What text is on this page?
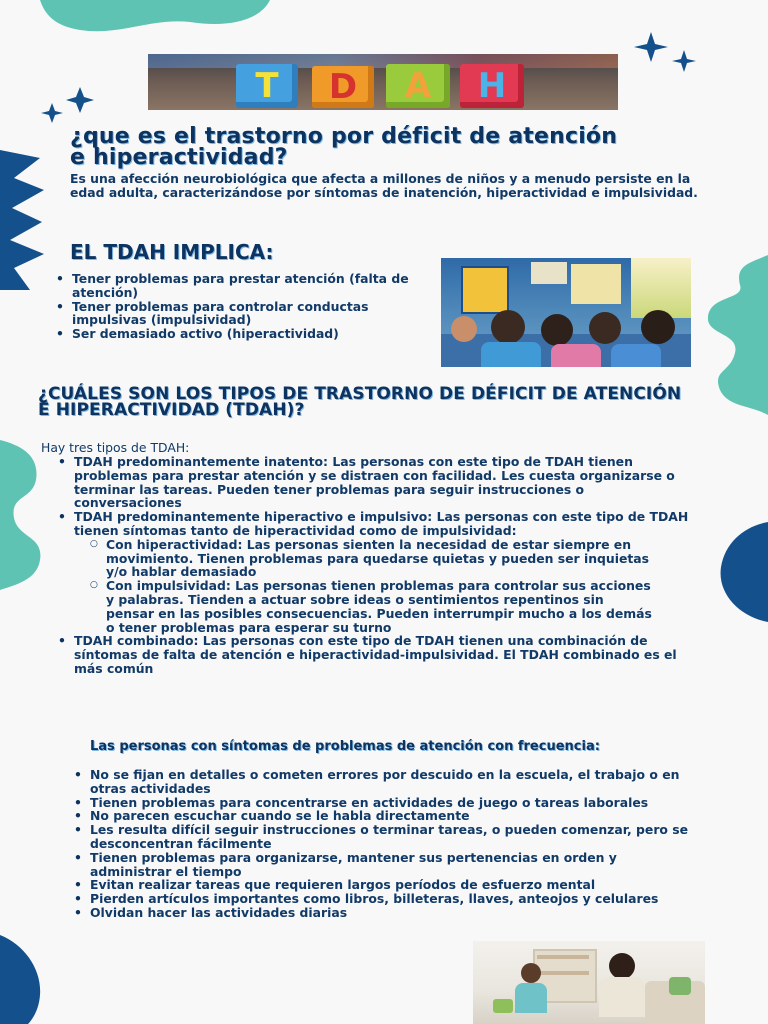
T	D	A	H
¿que es el trastorno por déficit de atención e hiperactividad?

Es una afección neurobiológica que afecta a millones de niños y a menudo persiste en la edad adulta, caracterizándose por síntomas de inatención, hiperactividad e impulsividad.

EL TDAH IMPLICA:
• Tener problemas para prestar atención (falta de atención)
• Tener problemas para controlar conductas impulsivas (impulsividad)
• Ser demasiado activo (hiperactividad)
¿CUÁLES SON LOS TIPOS DE TRASTORNO DE DÉFICIT DE ATENCIÓN E HIPERACTIVIDAD (TDAH)?

Hay tres tipos de TDAH:

• TDAH predominantemente inatento: Las personas con este tipo de TDAH tienen problemas para prestar atención y se distraen con facilidad. Les cuesta organizarse o terminar las tareas. Pueden tener problemas para seguir instrucciones o conversaciones
• TDAH predominantemente hiperactivo e impulsivo: Las personas con este tipo de TDAH tienen síntomas tanto de hiperactividad como de impulsividad:
○ Con hiperactividad: Las personas sienten la necesidad de estar siempre en movimiento. Tienen problemas para quedarse quietas y pueden ser inquietas y/o hablar demasiado
○ Con impulsividad: Las personas tienen problemas para controlar sus acciones y palabras. Tienden a actuar sobre ideas o sentimientos repentinos sin pensar en las posibles consecuencias. Pueden interrumpir mucho a los demás o tener problemas para esperar su turno
• TDAH combinado: Las personas con este tipo de TDAH tienen una combinación de síntomas de falta de atención e hiperactividad-impulsividad. El TDAH combinado es el más común
Las personas con síntomas de problemas de atención con frecuencia:
• No se fijan en detalles o cometen errores por descuido en la escuela, el trabajo o en otras actividades
• Tienen problemas para concentrarse en actividades de juego o tareas laborales
• No parecen escuchar cuando se le habla directamente
• Les resulta difícil seguir instrucciones o terminar tareas, o pueden comenzar, pero se desconcentran fácilmente
• Tienen problemas para organizarse, mantener sus pertenencias en orden y administrar el tiempo
• Evitan realizar tareas que requieren largos períodos de esfuerzo mental
• Pierden artículos importantes como libros, billeteras, llaves, anteojos y celulares
• Olvidan hacer las actividades diarias
